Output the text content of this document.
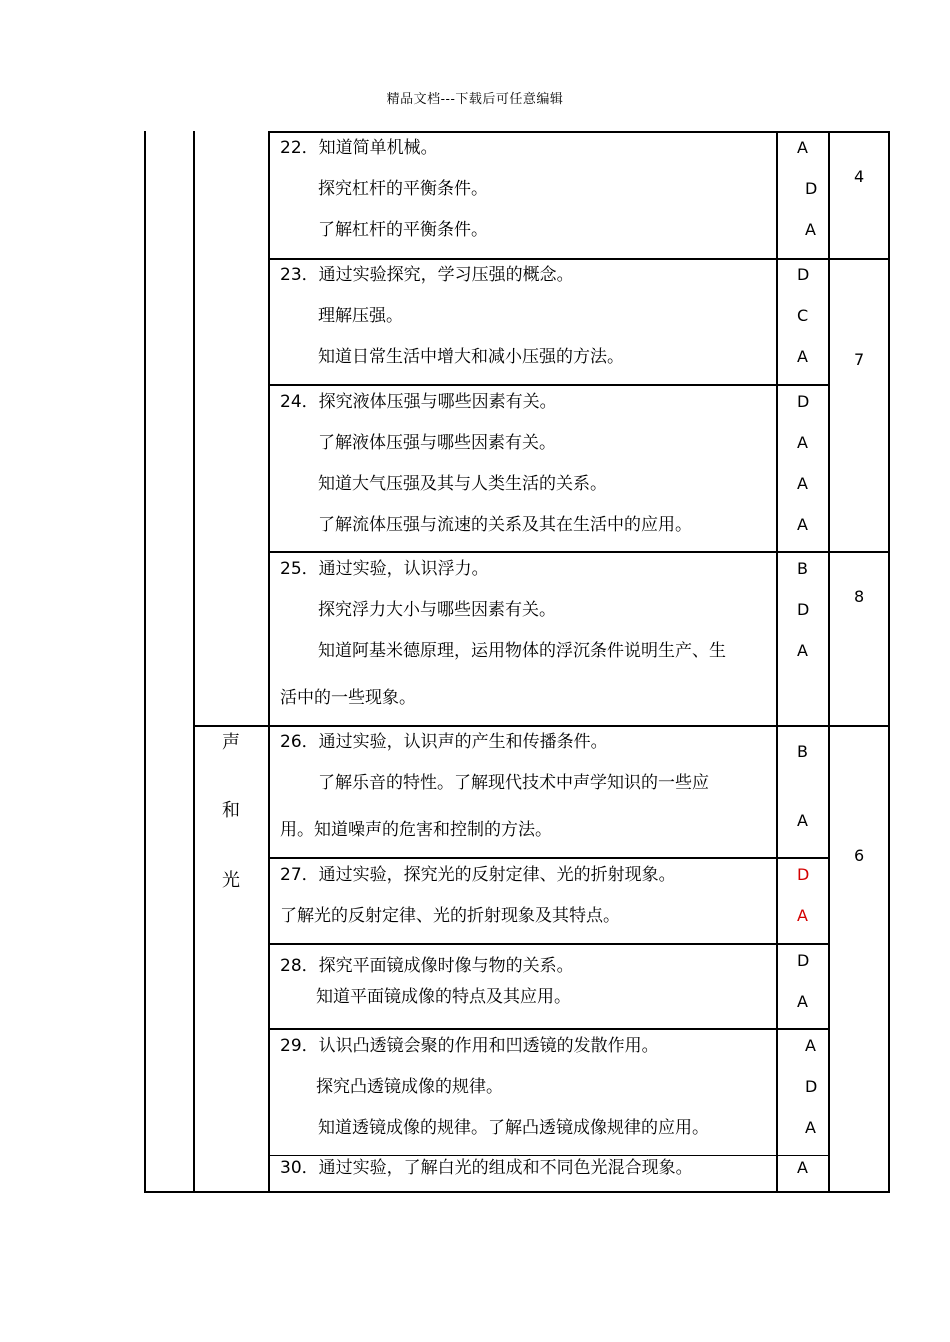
精品文档---下载后可任意编辑
声
和
光
22．知道简单机械。
探究杠杆的平衡条件。
了解杠杆的平衡条件。
A
D
A
23．通过实验探究，学习压强的概念。
理解压强。
知道日常生活中增大和减小压强的方法。
D
C
A
24．探究液体压强与哪些因素有关。
了解液体压强与哪些因素有关。
知道大气压强及其与人类生活的关系。
了解流体压强与流速的关系及其在生活中的应用。
D
A
A
A
25．通过实验，认识浮力。
探究浮力大小与哪些因素有关。
知道阿基米德原理，运用物体的浮沉条件说明生产、生
活中的一些现象。
B
D
A
26．通过实验，认识声的产生和传播条件。
了解乐音的特性。了解现代技术中声学知识的一些应
用。知道噪声的危害和控制的方法。
B
A
27．通过实验，探究光的反射定律、光的折射现象。
了解光的反射定律、光的折射现象及其特点。
D
A
28．探究平面镜成像时像与物的关系。
知道平面镜成像的特点及其应用。
D
A
29．认识凸透镜会聚的作用和凹透镜的发散作用。
探究凸透镜成像的规律。
知道透镜成像的规律。了解凸透镜成像规律的应用。
A
D
A
30．通过实验，了解白光的组成和不同色光混合现象。	A
4
7
8
6
